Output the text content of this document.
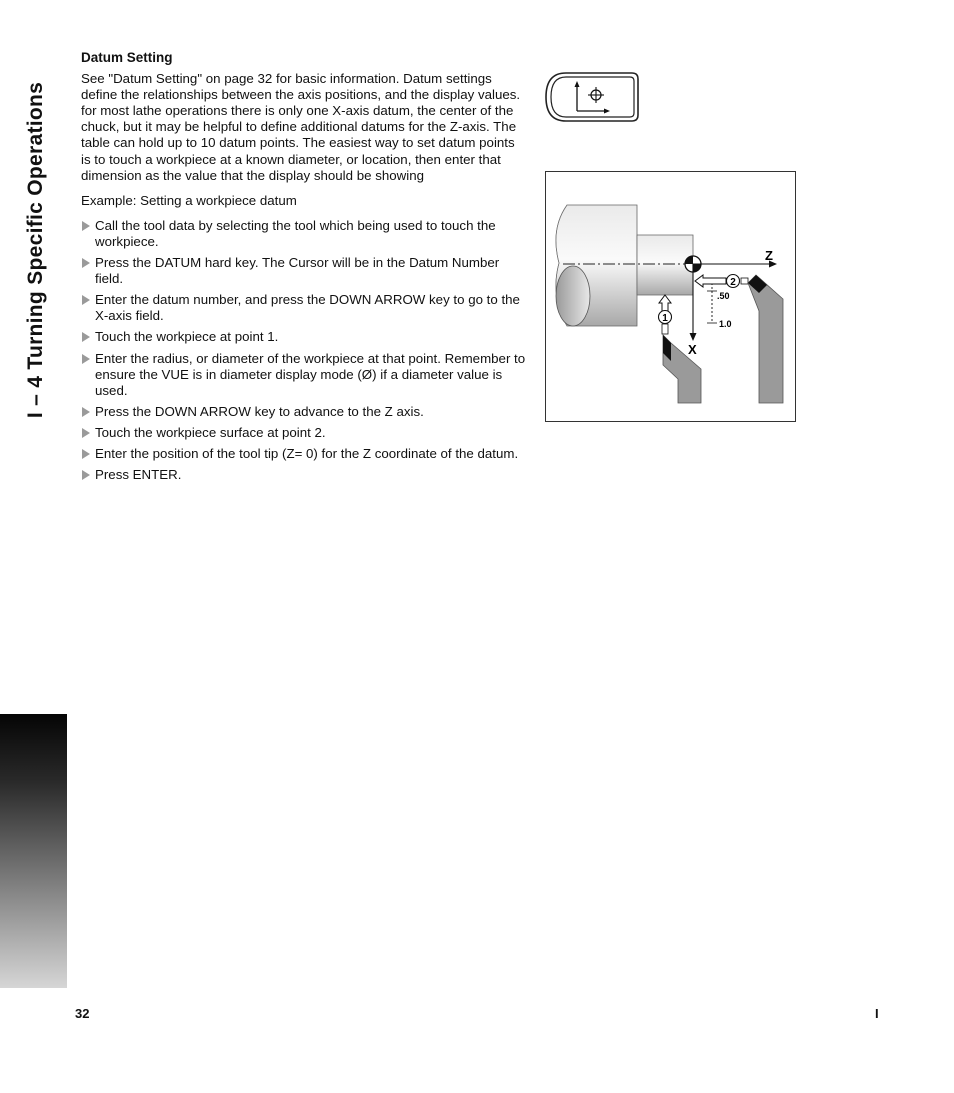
I – 4 Turning Specific Operations
Datum Setting

See "Datum Setting" on page 32 for basic information. Datum settings define the relationships between the axis positions, and the display values. for most lathe operations there is only one X-axis datum, the center of the chuck, but it may be helpful to define additional datums for the Z-axis. The table can hold up to 10 datum points. The easiest way to set datum points is to touch a workpiece at a known diameter, or location, then enter that dimension as the value that the display should be showing

Example: Setting a workpiece datum

Call the tool data by selecting the tool which being used to touch the workpiece.
Press the DATUM hard key. The Cursor will be in the Datum Number field.
Enter the datum number, and press the DOWN ARROW key to go to the X-axis field.
Touch the workpiece at point 1.
Enter the radius, or diameter of the workpiece at that point. Remember to ensure the VUE is in diameter display mode (Ø) if a diameter value is used.
Press the DOWN ARROW key to advance to the Z axis.
Touch the workpiece surface at point 2.
Enter the position of the tool tip (Z= 0) for the Z coordinate of the datum.
Press ENTER.
Z
X
.50
1.0
2
1
32	I
